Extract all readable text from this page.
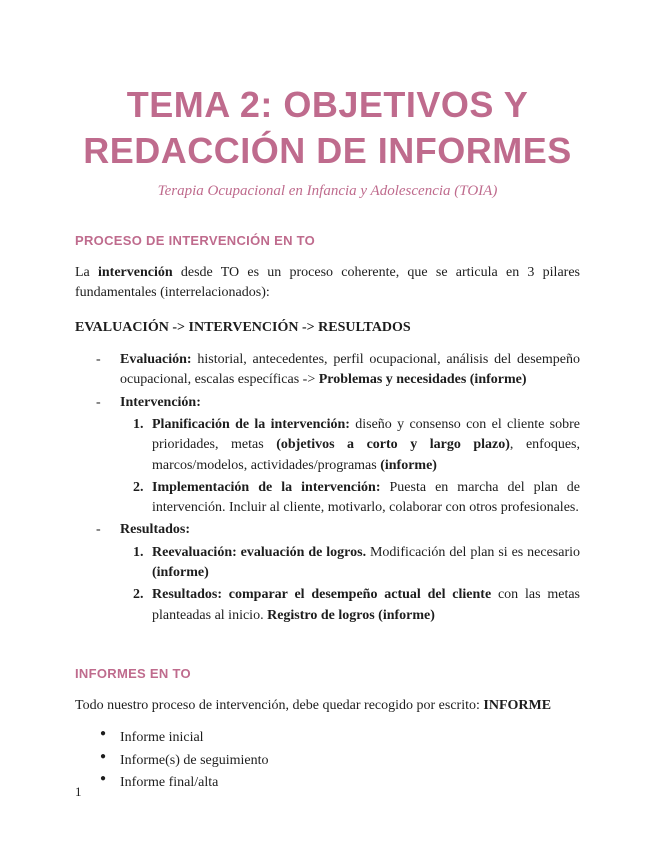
TEMA 2: OBJETIVOS Y
REDACCIÓN DE INFORMES

Terapia Ocupacional en Infancia y Adolescencia (TOIA)

PROCESO DE INTERVENCIÓN EN TO

La intervención desde TO es un proceso coherente, que se articula en 3 pilares fundamentales (interrelacionados):

EVALUACIÓN -> INTERVENCIÓN -> RESULTADOS

-	Evaluación: historial, antecedentes, perfil ocupacional, análisis del desempeño ocupacional, escalas específicas -> Problemas y necesidades (informe)
-	Intervención:
1. Planificación de la intervención: diseño y consenso con el cliente sobre prioridades, metas (objetivos a corto y largo plazo), enfoques, marcos/modelos, actividades/programas (informe)
2. Implementación de la intervención: Puesta en marcha del plan de intervención. Incluir al cliente, motivarlo, colaborar con otros profesionales.
-	Resultados:
1. Reevaluación: evaluación de logros. Modificación del plan si es necesario (informe)
2. Resultados: comparar el desempeño actual del cliente con las metas planteadas al inicio. Registro de logros (informe)
INFORMES EN TO

Todo nuestro proceso de intervención, debe quedar recogido por escrito: INFORME

● Informe inicial
● Informe(s) de seguimiento
● Informe final/alta
1
